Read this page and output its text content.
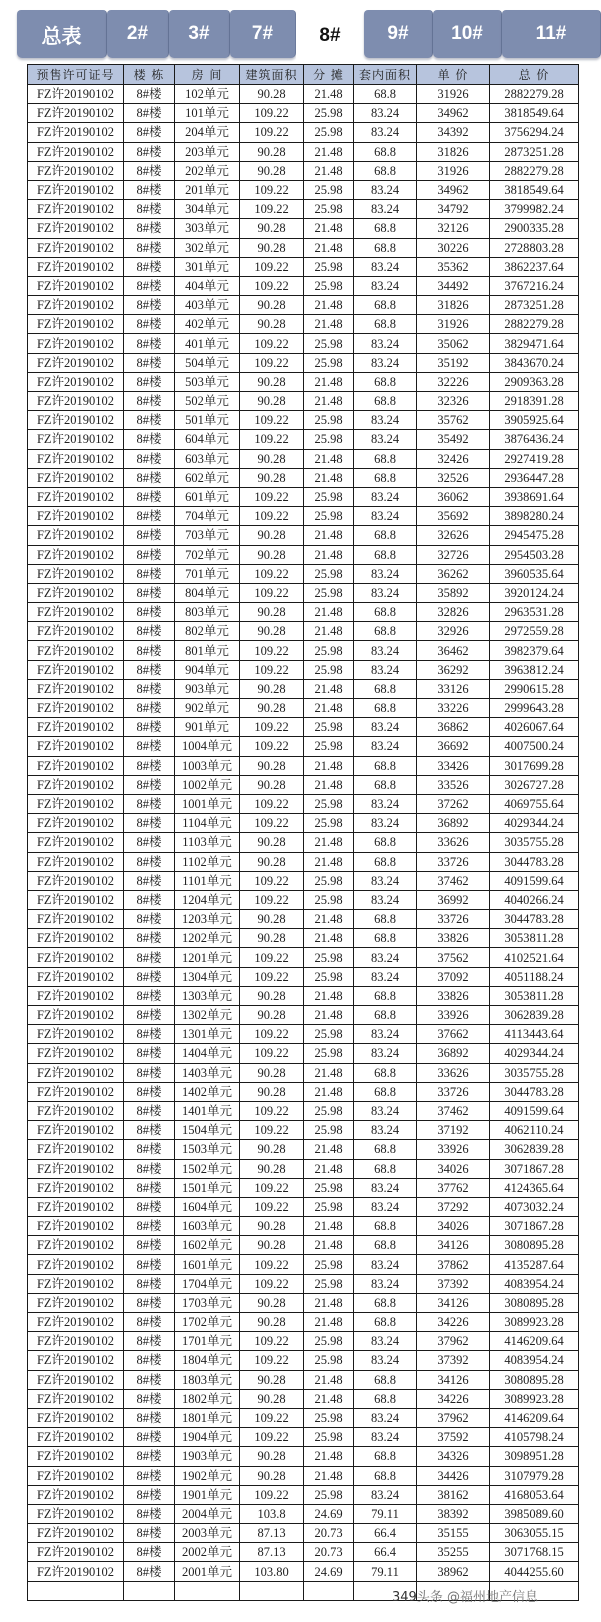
总表	2#	3#	7#	8#	9#	10#	11#
预售许可证号	楼 栋	房 间	建筑面积	分 摊	套内面积	单 价	总 价
FZ许20190102	8#楼	102单元	90.28	21.48	68.8	31926	2882279.28
FZ许20190102	8#楼	101单元	109.22	25.98	83.24	34962	3818549.64
FZ许20190102	8#楼	204单元	109.22	25.98	83.24	34392	3756294.24
FZ许20190102	8#楼	203单元	90.28	21.48	68.8	31826	2873251.28
FZ许20190102	8#楼	202单元	90.28	21.48	68.8	31926	2882279.28
FZ许20190102	8#楼	201单元	109.22	25.98	83.24	34962	3818549.64
FZ许20190102	8#楼	304单元	109.22	25.98	83.24	34792	3799982.24
FZ许20190102	8#楼	303单元	90.28	21.48	68.8	32126	2900335.28
FZ许20190102	8#楼	302单元	90.28	21.48	68.8	30226	2728803.28
FZ许20190102	8#楼	301单元	109.22	25.98	83.24	35362	3862237.64
FZ许20190102	8#楼	404单元	109.22	25.98	83.24	34492	3767216.24
FZ许20190102	8#楼	403单元	90.28	21.48	68.8	31826	2873251.28
FZ许20190102	8#楼	402单元	90.28	21.48	68.8	31926	2882279.28
FZ许20190102	8#楼	401单元	109.22	25.98	83.24	35062	3829471.64
FZ许20190102	8#楼	504单元	109.22	25.98	83.24	35192	3843670.24
FZ许20190102	8#楼	503单元	90.28	21.48	68.8	32226	2909363.28
FZ许20190102	8#楼	502单元	90.28	21.48	68.8	32326	2918391.28
FZ许20190102	8#楼	501单元	109.22	25.98	83.24	35762	3905925.64
FZ许20190102	8#楼	604单元	109.22	25.98	83.24	35492	3876436.24
FZ许20190102	8#楼	603单元	90.28	21.48	68.8	32426	2927419.28
FZ许20190102	8#楼	602单元	90.28	21.48	68.8	32526	2936447.28
FZ许20190102	8#楼	601单元	109.22	25.98	83.24	36062	3938691.64
FZ许20190102	8#楼	704单元	109.22	25.98	83.24	35692	3898280.24
FZ许20190102	8#楼	703单元	90.28	21.48	68.8	32626	2945475.28
FZ许20190102	8#楼	702单元	90.28	21.48	68.8	32726	2954503.28
FZ许20190102	8#楼	701单元	109.22	25.98	83.24	36262	3960535.64
FZ许20190102	8#楼	804单元	109.22	25.98	83.24	35892	3920124.24
FZ许20190102	8#楼	803单元	90.28	21.48	68.8	32826	2963531.28
FZ许20190102	8#楼	802单元	90.28	21.48	68.8	32926	2972559.28
FZ许20190102	8#楼	801单元	109.22	25.98	83.24	36462	3982379.64
FZ许20190102	8#楼	904单元	109.22	25.98	83.24	36292	3963812.24
FZ许20190102	8#楼	903单元	90.28	21.48	68.8	33126	2990615.28
FZ许20190102	8#楼	902单元	90.28	21.48	68.8	33226	2999643.28
FZ许20190102	8#楼	901单元	109.22	25.98	83.24	36862	4026067.64
FZ许20190102	8#楼	1004单元	109.22	25.98	83.24	36692	4007500.24
FZ许20190102	8#楼	1003单元	90.28	21.48	68.8	33426	3017699.28
FZ许20190102	8#楼	1002单元	90.28	21.48	68.8	33526	3026727.28
FZ许20190102	8#楼	1001单元	109.22	25.98	83.24	37262	4069755.64
FZ许20190102	8#楼	1104单元	109.22	25.98	83.24	36892	4029344.24
FZ许20190102	8#楼	1103单元	90.28	21.48	68.8	33626	3035755.28
FZ许20190102	8#楼	1102单元	90.28	21.48	68.8	33726	3044783.28
FZ许20190102	8#楼	1101单元	109.22	25.98	83.24	37462	4091599.64
FZ许20190102	8#楼	1204单元	109.22	25.98	83.24	36992	4040266.24
FZ许20190102	8#楼	1203单元	90.28	21.48	68.8	33726	3044783.28
FZ许20190102	8#楼	1202单元	90.28	21.48	68.8	33826	3053811.28
FZ许20190102	8#楼	1201单元	109.22	25.98	83.24	37562	4102521.64
FZ许20190102	8#楼	1304单元	109.22	25.98	83.24	37092	4051188.24
FZ许20190102	8#楼	1303单元	90.28	21.48	68.8	33826	3053811.28
FZ许20190102	8#楼	1302单元	90.28	21.48	68.8	33926	3062839.28
FZ许20190102	8#楼	1301单元	109.22	25.98	83.24	37662	4113443.64
FZ许20190102	8#楼	1404单元	109.22	25.98	83.24	36892	4029344.24
FZ许20190102	8#楼	1403单元	90.28	21.48	68.8	33626	3035755.28
FZ许20190102	8#楼	1402单元	90.28	21.48	68.8	33726	3044783.28
FZ许20190102	8#楼	1401单元	109.22	25.98	83.24	37462	4091599.64
FZ许20190102	8#楼	1504单元	109.22	25.98	83.24	37192	4062110.24
FZ许20190102	8#楼	1503单元	90.28	21.48	68.8	33926	3062839.28
FZ许20190102	8#楼	1502单元	90.28	21.48	68.8	34026	3071867.28
FZ许20190102	8#楼	1501单元	109.22	25.98	83.24	37762	4124365.64
FZ许20190102	8#楼	1604单元	109.22	25.98	83.24	37292	4073032.24
FZ许20190102	8#楼	1603单元	90.28	21.48	68.8	34026	3071867.28
FZ许20190102	8#楼	1602单元	90.28	21.48	68.8	34126	3080895.28
FZ许20190102	8#楼	1601单元	109.22	25.98	83.24	37862	4135287.64
FZ许20190102	8#楼	1704单元	109.22	25.98	83.24	37392	4083954.24
FZ许20190102	8#楼	1703单元	90.28	21.48	68.8	34126	3080895.28
FZ许20190102	8#楼	1702单元	90.28	21.48	68.8	34226	3089923.28
FZ许20190102	8#楼	1701单元	109.22	25.98	83.24	37962	4146209.64
FZ许20190102	8#楼	1804单元	109.22	25.98	83.24	37392	4083954.24
FZ许20190102	8#楼	1803单元	90.28	21.48	68.8	34126	3080895.28
FZ许20190102	8#楼	1802单元	90.28	21.48	68.8	34226	3089923.28
FZ许20190102	8#楼	1801单元	109.22	25.98	83.24	37962	4146209.64
FZ许20190102	8#楼	1904单元	109.22	25.98	83.24	37592	4105798.24
FZ许20190102	8#楼	1903单元	90.28	21.48	68.8	34326	3098951.28
FZ许20190102	8#楼	1902单元	90.28	21.48	68.8	34426	3107979.28
FZ许20190102	8#楼	1901单元	109.22	25.98	83.24	38162	4168053.64
FZ许20190102	8#楼	2004单元	103.8	24.69	79.11	38392	3985089.60
FZ许20190102	8#楼	2003单元	87.13	20.73	66.4	35155	3063055.15
FZ许20190102	8#楼	2002单元	87.13	20.73	66.4	35255	3071768.15
FZ许20190102	8#楼	2001单元	103.80	24.69	79.11	38962	4044255.60

349头条 @福州地产信息
